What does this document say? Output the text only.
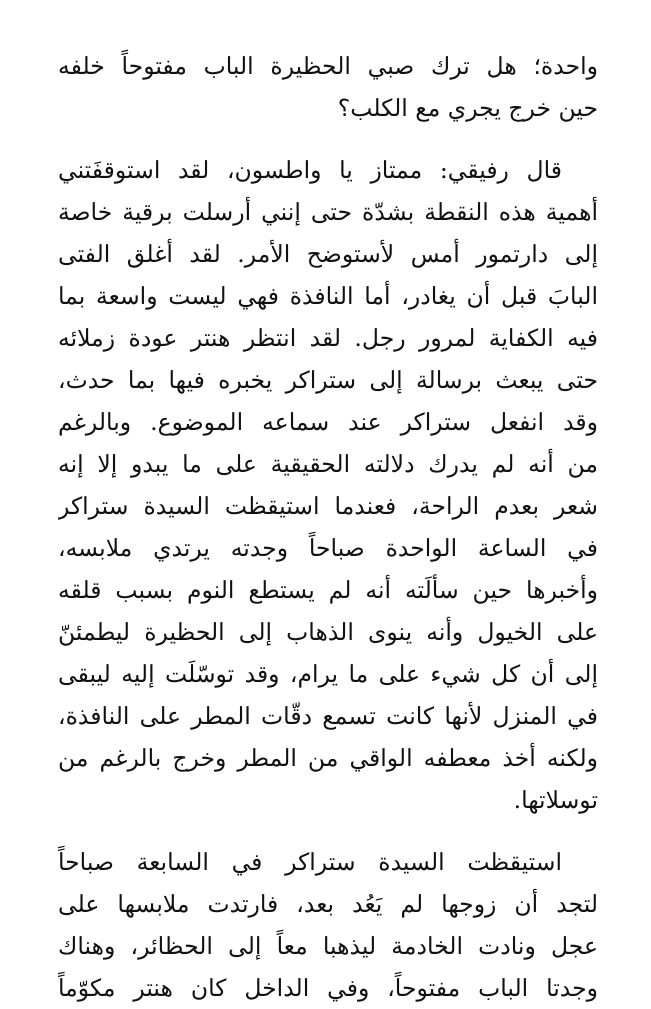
واحدة؛ هل ترك صبي الحظيرة الباب مفتوحاً خلفه
حين خرج يجري مع الكلب؟
قال رفيقي: ممتاز يا واطسون، لقد استوقفَتني
أهمية هذه النقطة بشدّة حتى إنني أرسلت برقية خاصة
إلى دارتمور أمس لأستوضح الأمر. لقد أغلق الفتى
البابَ قبل أن يغادر، أما النافذة فهي ليست واسعة بما
فيه الكفاية لمرور رجل. لقد انتظر هنتر عودة زملائه
حتى يبعث برسالة إلى ستراكر يخبره فيها بما حدث،
وقد انفعل ستراكر عند سماعه الموضوع. وبالرغم
من أنه لم يدرك دلالته الحقيقية على ما يبدو إلا إنه
شعر بعدم الراحة، فعندما استيقظت السيدة ستراكر
في الساعة الواحدة صباحاً وجدته يرتدي ملابسه،
وأخبرها حين سألَته أنه لم يستطع النوم بسبب قلقه
على الخيول وأنه ينوى الذهاب إلى الحظيرة ليطمئنّ
إلى أن كل شيء على ما يرام، وقد توسّلَت إليه ليبقى
في المنزل لأنها كانت تسمع دقّات المطر على النافذة،
ولكنه أخذ معطفه الواقي من المطر وخرج بالرغم من
توسلاتها.
استيقظت السيدة ستراكر في السابعة صباحاً
لتجد أن زوجها لم يَعُد بعد، فارتدت ملابسها على
عجل ونادت الخادمة ليذهبا معاً إلى الحظائر، وهناك
وجدتا الباب مفتوحاً، وفي الداخل كان هنتر مكوّماً
